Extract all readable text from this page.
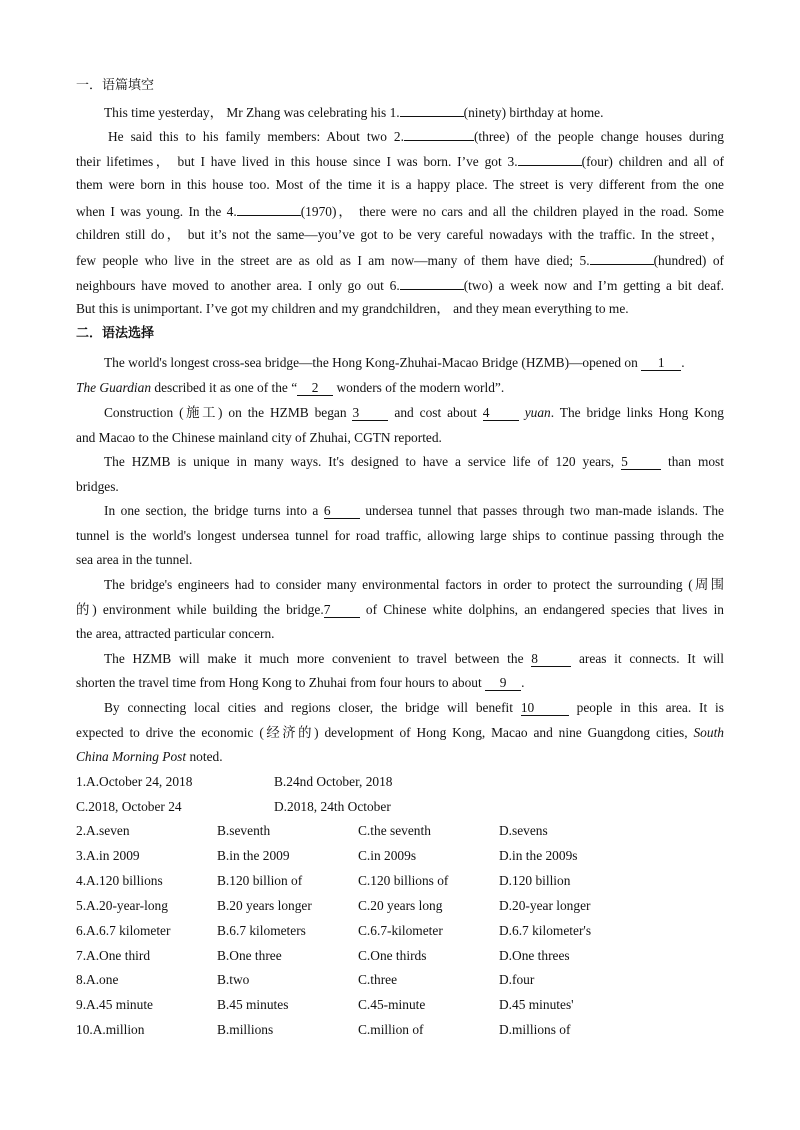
一．语篇填空
This time yesterday， Mr Zhang was celebrating his 1.	(ninety) birthday at home.
He said this to his family members: About two 2.	(three) of the people change houses during
their lifetimes， but I have lived in this house since I was born. I’ve got 3.	(four) children and all of
them were born in this house too. Most of the time it is a happy place. The street is very different from the one
when I was young. In the 4.	(1970)， there were no cars and all the children played in the road. Some
children still do， but it’s not the same—you’ve got to be very careful nowadays with the traffic. In the street，
few people who live in the street are as old as I am now—many of them have died; 5.	(hundred) of
neighbours have moved to another area. I only go out 6.	(two) a week now and I’m getting a bit deaf.
But this is unimportant. I’ve got my children and my grandchildren， and they mean everything to me.
二．语法选择
The world's longest cross-sea bridge—the Hong Kong-Zhuhai-Macao Bridge (HZMB)—opened on 1 .
The Guardian described it as one of the “ 2 wonders of the modern world”.
Construction (施工) on the HZMB began 3	and cost about 4	yuan. The bridge links Hong Kong
and Macao to the Chinese mainland city of Zhuhai, CGTN reported.
The HZMB is unique in many ways. It's designed to have a service life of 120 years, 5	than most
bridges.
In one section, the bridge turns into a 6	undersea tunnel that passes through two man-made islands. The
tunnel is the world's longest undersea tunnel for road traffic, allowing large ships to continue passing through the
sea area in the tunnel.
The bridge's engineers had to consider many environmental factors in order to protect the surrounding (周围
的) environment while building the bridge.7	of Chinese white dolphins, an endangered species that lives in
the area, attracted particular concern.
The HZMB will make it much more convenient to travel between the 8	areas it connects. It will
shorten the travel time from Hong Kong to Zhuhai from four hours to about 9 .
By connecting local cities and regions closer, the bridge will benefit 10	people in this area. It is
expected to drive the economic (经济的) development of Hong Kong, Macao and nine Guangdong cities, South
China Morning Post noted.
1.A.October 24, 2018	B.24nd October, 2018
C.2018, October 24	D.2018, 24th October
2.A.seven	B.seventh	C.the seventh	D.sevens
3.A.in 2009	B.in the 2009	C.in 2009s	D.in the 2009s
4.A.120 billions	B.120 billion of	C.120 billions of	D.120 billion
5.A.20-year-long	B.20 years longer	C.20 years long	D.20-year longer
6.A.6.7 kilometer	B.6.7 kilometers	C.6.7-kilometer	D.6.7 kilometer's
7.A.One third	B.One three	C.One thirds	D.One threes
8.A.one	B.two	C.three	D.four
9.A.45 minute	B.45 minutes	C.45-minute	D.45 minutes'
10.A.million	B.millions	C.million of	D.millions of
